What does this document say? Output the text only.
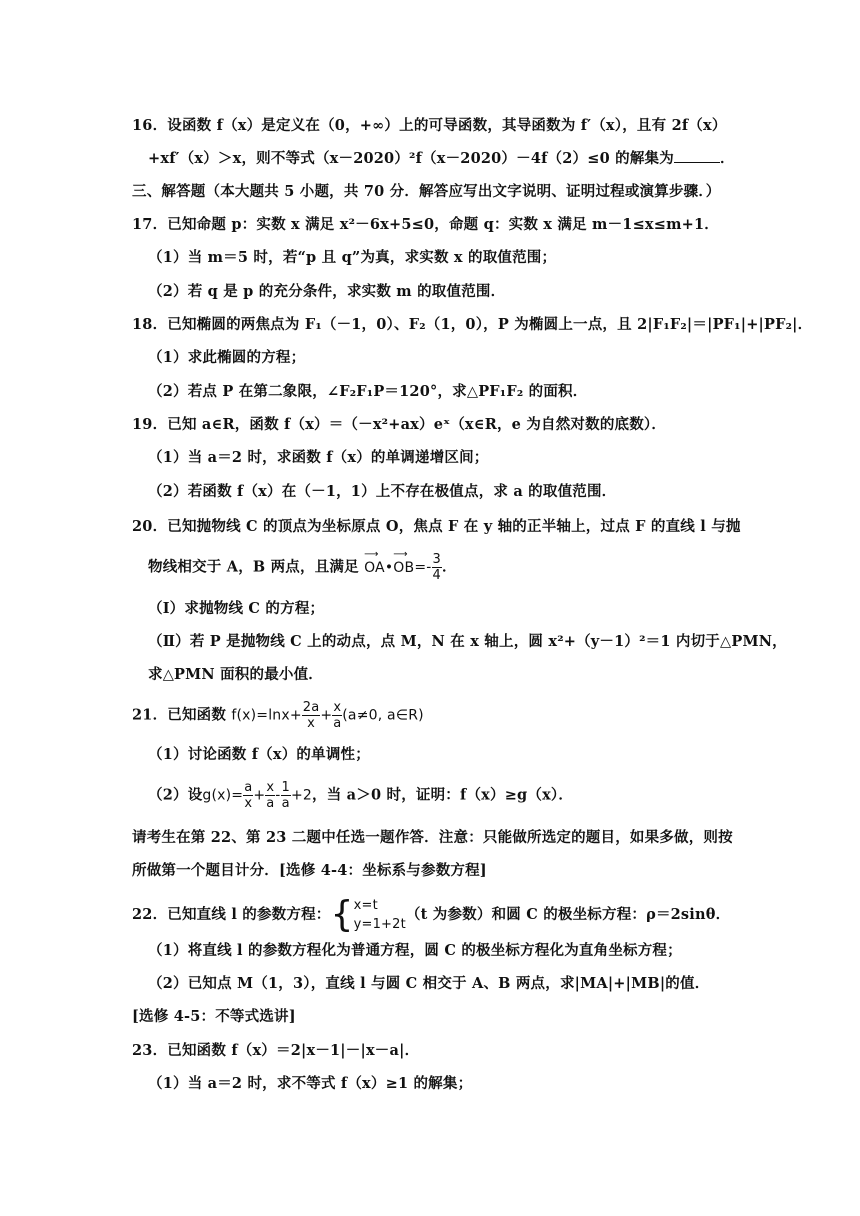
16．设函数 f（x）是定义在（0，+∞）上的可导函数，其导函数为 f′（x），且有 2f（x）
+xf′（x）＞x，则不等式（x－2020）²f（x－2020）－4f（2）≤0 的解集为	．
三、解答题（本大题共 5 小题，共 70 分．解答应写出文字说明、证明过程或演算步骤．）
17．已知命题 p：实数 x 满足 x²－6x+5≤0，命题 q：实数 x 满足 m－1≤x≤m+1．
（1）当 m＝5 时，若“p 且 q”为真，求实数 x 的取值范围；
（2）若 q 是 p 的充分条件，求实数 m 的取值范围．
18．已知椭圆的两焦点为 F₁（－1，0）、F₂（1，0），P 为椭圆上一点，且 2|F₁F₂|＝|PF₁|+|PF₂|．
（1）求此椭圆的方程；
（2）若点 P 在第二象限，∠F₂F₁P＝120°，求△PF₁F₂ 的面积．
19．已知 a∈R，函数 f（x）＝（－x²+ax）eˣ（x∈R，e 为自然对数的底数）．
（1）当 a＝2 时，求函数 f（x）的单调递增区间；
（2）若函数 f（x）在（－1，1）上不存在极值点，求 a 的取值范围．
20．已知抛物线 C 的顶点为坐标原点 O，焦点 F 在 y 轴的正半轴上，过点 F 的直线 l 与抛
物线相交于 A，B 两点，且满足 ⟶ OA•⟶ $OB=- \frac{3}{4}$ ．
（Ⅰ）求抛物线 C 的方程；
（Ⅱ）若 P 是抛物线 C 上的动点，点 M，N 在 x 轴上，圆 x²+（y－1）²＝1 内切于△PMN，
求△PMN 面积的最小值．
21．已知函数 $f(x)=\ln x+ \frac{2a}{x} + \frac{x}{a} (a\ne 0$, a∈R)
（1）讨论函数 f（x）的单调性；
（2）设$g(x)= \frac{a}{x} + \frac{x}{a} - \frac{1}{a} +2$，当 a＞0 时，证明：f（x）≥g（x）．
请考生在第 22、第 23 二题中任选一题作答．注意：只能做所选定的题目，如果多做，则按
所做第一个题目计分．[选修 4-4：坐标系与参数方程]
22．已知直线 l 的参数方程：{ x=t
y=1+2t
（t 为参数）和圆 C 的极坐标方程：ρ＝2sinθ．
（1）将直线 l 的参数方程化为普通方程，圆 C 的极坐标方程化为直角坐标方程；
（2）已知点 M（1，3），直线 l 与圆 C 相交于 A、B 两点，求|MA|+|MB|的值．
[选修 4-5：不等式选讲]
23．已知函数 f（x）＝2|x－1|－|x－a|．
（1）当 a＝2 时，求不等式 f（x）≥1 的解集；
